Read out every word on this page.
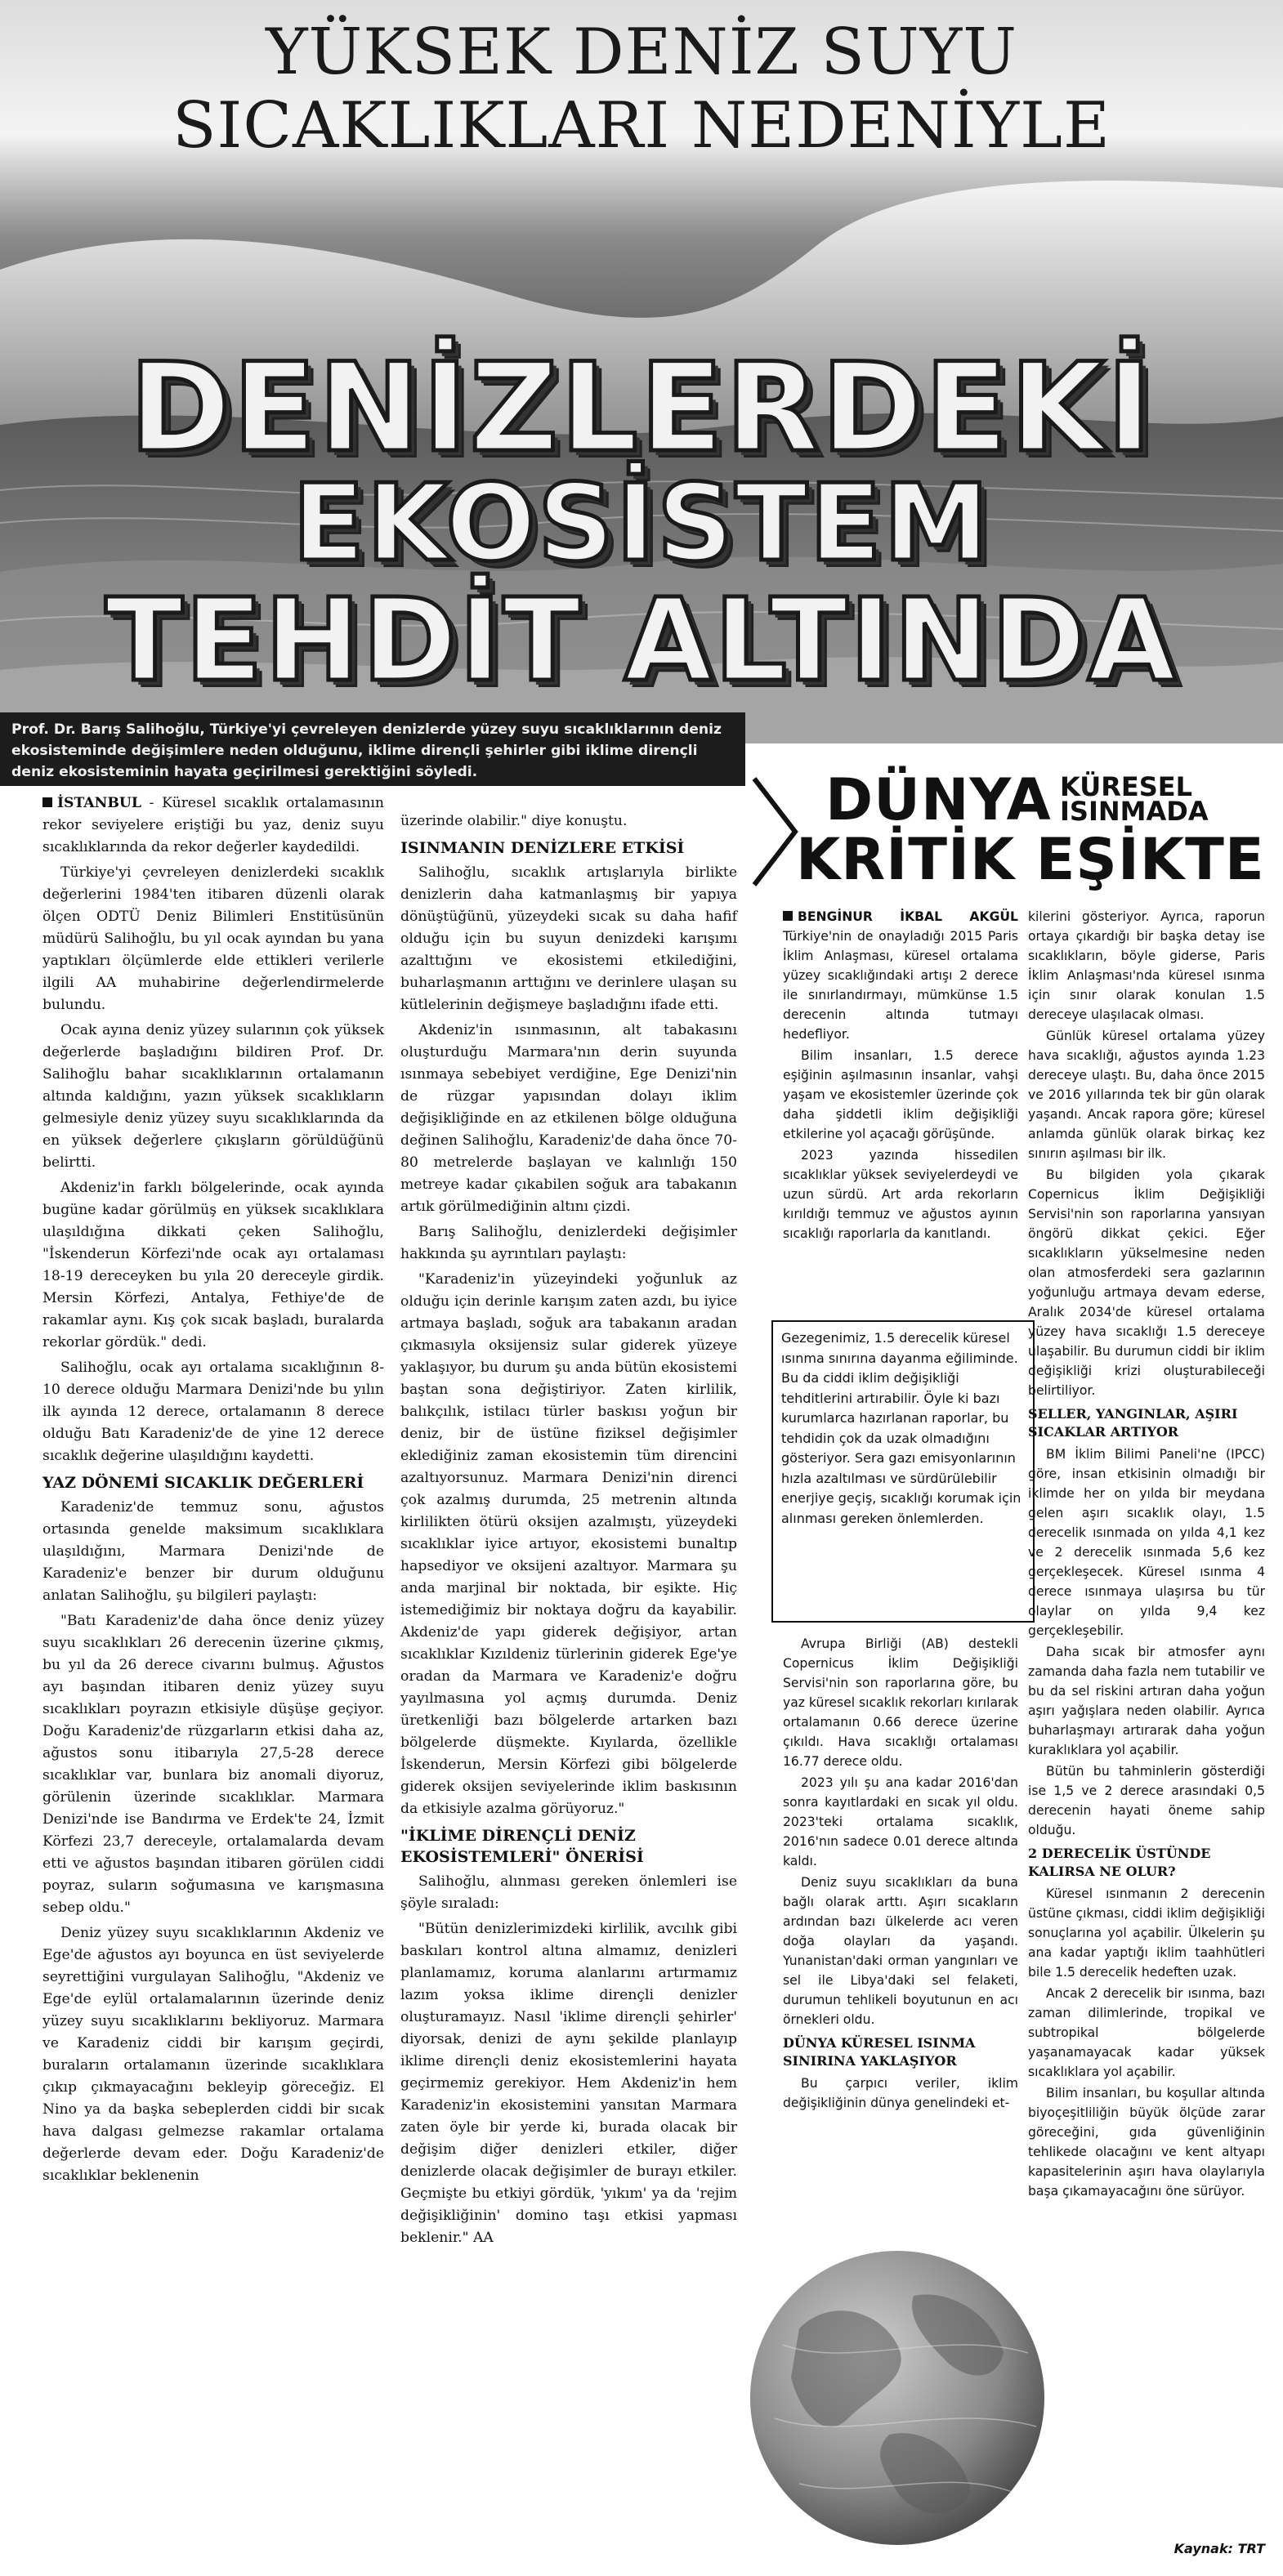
YÜKSEK DENİZ SUYU
SICAKLIKLARI NEDENİYLE
DENİZLERDEKİ
EKOSİSTEM
TEHDİT ALTINDA
Prof. Dr. Barış Salihoğlu, Türkiye'yi çevreleyen denizlerde yüzey suyu sıcaklıklarının deniz ekosisteminde değişimlere neden olduğunu, iklime dirençli şehirler gibi iklime dirençli deniz ekosisteminin hayata geçirilmesi gerektiğini söyledi.	DÜNYA KÜRESEL
ISINMADA
KRİTİK EŞİKTE

İSTANBUL - Küresel sıcaklık ortalamasının rekor seviyelere eriştiği bu yaz, deniz suyu sıcaklıklarında da rekor değerler kaydedildi.

Türkiye'yi çevreleyen denizlerdeki sıcaklık değerlerini 1984'ten itibaren düzenli olarak ölçen ODTÜ Deniz Bilimleri Enstitüsünün müdürü Salihoğlu, bu yıl ocak ayından bu yana yaptıkları ölçümlerde elde ettikleri verilerle ilgili AA muhabirine değerlendirmelerde bulundu.

Ocak ayına deniz yüzey sularının çok yüksek değerlerde başladığını bildiren Prof. Dr. Salihoğlu bahar sıcaklıklarının ortalamanın altında kaldığını, yazın yüksek sıcaklıkların gelmesiyle deniz yüzey suyu sıcaklıklarında da en yüksek değerlere çıkışların görüldüğünü belirtti.

Akdeniz'in farklı bölgelerinde, ocak ayında bugüne kadar görülmüş en yüksek sıcaklıklara ulaşıldığına dikkati çeken Salihoğlu, "İskenderun Körfezi'nde ocak ayı ortalaması 18-19 dereceyken bu yıla 20 dereceyle girdik. Mersin Körfezi, Antalya, Fethiye'de de rakamlar aynı. Kış çok sıcak başladı, buralarda rekorlar gördük." dedi.

Salihoğlu, ocak ayı ortalama sıcaklığının 8-10 derece olduğu Marmara Denizi'nde bu yılın ilk ayında 12 derece, ortalamanın 8 derece olduğu Batı Karadeniz'de de yine 12 derece sıcaklık değerine ulaşıldığını kaydetti.

YAZ DÖNEMİ SICAKLIK DEĞERLERİ

Karadeniz'de temmuz sonu, ağustos ortasında genelde maksimum sıcaklıklara ulaşıldığını, Marmara Denizi'nde de Karadeniz'e benzer bir durum olduğunu anlatan Salihoğlu, şu bilgileri paylaştı:

"Batı Karadeniz'de daha önce deniz yüzey suyu sıcaklıkları 26 derecenin üzerine çıkmış, bu yıl da 26 derece civarını bulmuş. Ağustos ayı başından itibaren deniz yüzey suyu sıcaklıkları poyrazın etkisiyle düşüşe geçiyor. Doğu Karadeniz'de rüzgarların etkisi daha az, ağustos sonu itibarıyla 27,5-28 derece sıcaklıklar var, bunlara biz anomali diyoruz, görülenin üzerinde sıcaklıklar. Marmara Denizi'nde ise Bandırma ve Erdek'te 24, İzmit Körfezi 23,7 dereceyle, ortalamalarda devam etti ve ağustos başından itibaren görülen ciddi poyraz, suların soğumasına ve karışmasına sebep oldu."

Deniz yüzey suyu sıcaklıklarının Akdeniz ve Ege'de ağustos ayı boyunca en üst seviyelerde seyrettiğini vurgulayan Salihoğlu, "Akdeniz ve Ege'de eylül ortalamalarının üzerinde deniz yüzey suyu sıcaklıklarını bekliyoruz. Marmara ve Karadeniz ciddi bir karışım geçirdi, buraların ortalamanın üzerinde sıcaklıklara çıkıp çıkmayacağını bekleyip göreceğiz. El Nino ya da başka sebeplerden ciddi bir sıcak hava dalgası gelmezse rakamlar ortalama değerlerde devam eder. Doğu Karadeniz'de sıcaklıklar beklenenin

üzerinde olabilir." diye konuştu.

ISINMANIN DENİZLERE ETKİSİ

Salihoğlu, sıcaklık artışlarıyla birlikte denizlerin daha katmanlaşmış bir yapıya dönüştüğünü, yüzeydeki sıcak su daha hafif olduğu için bu suyun denizdeki karışımı azalttığını ve ekosistemi etkilediğini, buharlaşmanın arttığını ve derinlere ulaşan su kütlelerinin değişmeye başladığını ifade etti.

Akdeniz'in ısınmasının, alt tabakasını oluşturduğu Marmara'nın derin suyunda ısınmaya sebebiyet verdiğine, Ege Denizi'nin de rüzgar yapısından dolayı iklim değişikliğinde en az etkilenen bölge olduğuna değinen Salihoğlu, Karadeniz'de daha önce 70-80 metrelerde başlayan ve kalınlığı 150 metreye kadar çıkabilen soğuk ara tabakanın artık görülmediğinin altını çizdi.

Barış Salihoğlu, denizlerdeki değişimler hakkında şu ayrıntıları paylaştı:

"Karadeniz'in yüzeyindeki yoğunluk az olduğu için derinle karışım zaten azdı, bu iyice artmaya başladı, soğuk ara tabakanın aradan çıkmasıyla oksijensiz sular giderek yüzeye yaklaşıyor, bu durum şu anda bütün ekosistemi baştan sona değiştiriyor. Zaten kirlilik, balıkçılık, istilacı türler baskısı yoğun bir deniz, bir de üstüne fiziksel değişimler eklediğiniz zaman ekosistemin tüm direncini azaltıyorsunuz. Marmara Denizi'nin direnci çok azalmış durumda, 25 metrenin altında kirlilikten ötürü oksijen azalmıştı, yüzeydeki sıcaklıklar iyice artıyor, ekosistemi bunaltıp hapsediyor ve oksijeni azaltıyor. Marmara şu anda marjinal bir noktada, bir eşikte. Hiç istemediğimiz bir noktaya doğru da kayabilir. Akdeniz'de yapı giderek değişiyor, artan sıcaklıklar Kızıldeniz türlerinin giderek Ege'ye oradan da Marmara ve Karadeniz'e doğru yayılmasına yol açmış durumda. Deniz üretkenliği bazı bölgelerde artarken bazı bölgelerde düşmekte. Kıyılarda, özellikle İskenderun, Mersin Körfezi gibi bölgelerde giderek oksijen seviyelerinde iklim baskısının da etkisiyle azalma görüyoruz."

"İKLİME DİRENÇLİ DENİZ EKOSİSTEMLERİ" ÖNERİSİ

Salihoğlu, alınması gereken önlemleri ise şöyle sıraladı:

"Bütün denizlerimizdeki kirlilik, avcılık gibi baskıları kontrol altına almamız, denizleri planlamamız, koruma alanlarını artırmamız lazım yoksa iklime dirençli denizler oluşturamayız. Nasıl 'iklime dirençli şehirler' diyorsak, denizi de aynı şekilde planlayıp iklime dirençli deniz ekosistemlerini hayata geçirmemiz gerekiyor. Hem Akdeniz'in hem Karadeniz'in ekosistemini yansıtan Marmara zaten öyle bir yerde ki, burada olacak bir değişim diğer denizleri etkiler, diğer denizlerde olacak değişimler de burayı etkiler. Geçmişte bu etkiyi gördük, 'yıkım' ya da 'rejim değişikliğinin' domino taşı etkisi yapması beklenir." AA

BENGİNUR İKBAL AKGÜL Türkiye'nin de onayladığı 2015 Paris İklim Anlaşması, küresel ortalama yüzey sıcaklığındaki artışı 2 derece ile sınırlandırmayı, mümkünse 1.5 derecenin altında tutmayı hedefliyor.

Bilim insanları, 1.5 derece eşiğinin aşılmasının insanlar, vahşi yaşam ve ekosistemler üzerinde çok daha şiddetli iklim değişikliği etkilerine yol açacağı görüşünde.

2023 yazında hissedilen sıcaklıklar yüksek seviyelerdeydi ve uzun sürdü. Art arda rekorların kırıldığı temmuz ve ağustos ayının sıcaklığı raporlarla da kanıtlandı.

Gezegenimiz, 1.5 derecelik küresel ısınma sınırına dayanma eğiliminde. Bu da ciddi iklim değişikliği tehditlerini artırabilir. Öyle ki bazı kurumlarca hazırlanan raporlar, bu tehdidin çok da uzak olmadığını gösteriyor. Sera gazı emisyonlarının hızla azaltılması ve sürdürülebilir enerjiye geçiş, sıcaklığı korumak için alınması gereken önlemlerden.

Avrupa Birliği (AB) destekli Copernicus İklim Değişikliği Servisi'nin son raporlarına göre, bu yaz küresel sıcaklık rekorları kırılarak ortalamanın 0.66 derece üzerine çıkıldı. Hava sıcaklığı ortalaması 16.77 derece oldu.

2023 yılı şu ana kadar 2016'dan sonra kayıtlardaki en sıcak yıl oldu. 2023'teki ortalama sıcaklık, 2016'nın sadece 0.01 derece altında kaldı.

Deniz suyu sıcaklıkları da buna bağlı olarak arttı. Aşırı sıcakların ardından bazı ülkelerde acı veren doğa olayları da yaşandı. Yunanistan'daki orman yangınları ve sel ile Libya'daki sel felaketi, durumun tehlikeli boyutunun en acı örnekleri oldu.

DÜNYA KÜRESEL ISINMA SINIRINA YAKLAŞIYOR

Bu çarpıcı veriler, iklim değişikliğinin dünya genelindeki et-

kilerini gösteriyor. Ayrıca, raporun ortaya çıkardığı bir başka detay ise sıcaklıkların, böyle giderse, Paris İklim Anlaşması'nda küresel ısınma için sınır olarak konulan 1.5 dereceye ulaşılacak olması.

Günlük küresel ortalama yüzey hava sıcaklığı, ağustos ayında 1.23 dereceye ulaştı. Bu, daha önce 2015 ve 2016 yıllarında tek bir gün olarak yaşandı. Ancak rapora göre; küresel anlamda günlük olarak birkaç kez sınırın aşılması bir ilk.

Bu bilgiden yola çıkarak Copernicus İklim Değişikliği Servisi'nin son raporlarına yansıyan öngörü dikkat çekici. Eğer sıcaklıkların yükselmesine neden olan atmosferdeki sera gazlarının yoğunluğu artmaya devam ederse, Aralık 2034'de küresel ortalama yüzey hava sıcaklığı 1.5 dereceye ulaşabilir. Bu durumun ciddi bir iklim değişikliği krizi oluşturabileceği belirtiliyor.

SELLER, YANGINLAR, AŞIRI SICAKLAR ARTIYOR

BM İklim Bilimi Paneli'ne (IPCC) göre, insan etkisinin olmadığı bir iklimde her on yılda bir meydana gelen aşırı sıcaklık olayı, 1.5 derecelik ısınmada on yılda 4,1 kez ve 2 derecelik ısınmada 5,6 kez gerçekleşecek. Küresel ısınma 4 derece ısınmaya ulaşırsa bu tür olaylar on yılda 9,4 kez gerçekleşebilir.

Daha sıcak bir atmosfer aynı zamanda daha fazla nem tutabilir ve bu da sel riskini artıran daha yoğun aşırı yağışlara neden olabilir. Ayrıca buharlaşmayı artırarak daha yoğun kuraklıklara yol açabilir.

Bütün bu tahminlerin gösterdiği ise 1,5 ve 2 derece arasındaki 0,5 derecenin hayati öneme sahip olduğu.

2 DERECELİK ÜSTÜNDE KALIRSA NE OLUR?

Küresel ısınmanın 2 derecenin üstüne çıkması, ciddi iklim değişikliği sonuçlarına yol açabilir. Ülkelerin şu ana kadar yaptığı iklim taahhütleri bile 1.5 derecelik hedeften uzak.

Ancak 2 derecelik bir ısınma, bazı zaman dilimlerinde, tropikal ve subtropikal bölgelerde yaşanamayacak kadar yüksek sıcaklıklara yol açabilir.

Bilim insanları, bu koşullar altında biyoçeşitliliğin büyük ölçüde zarar göreceğini, gıda güvenliğinin tehlikede olacağını ve kent altyapı kapasitelerinin aşırı hava olaylarıyla başa çıkamayacağını öne sürüyor.

Kaynak: TRT
